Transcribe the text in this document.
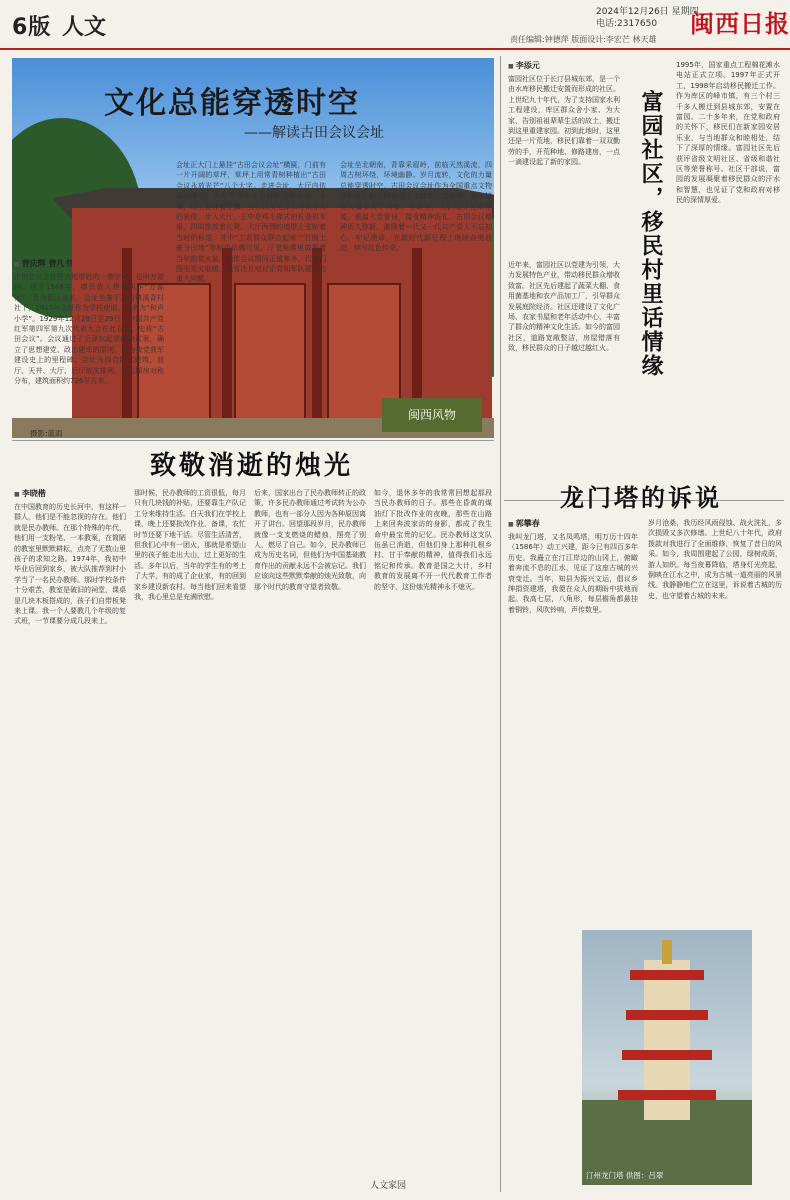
6版 人文
2024年12月26日 星期四
电话:2317650	闽西日报
责任编辑:钟德萍 版面设计:李宏芒 林天雄
文化总能穿透时空
——解读古田会议会址
摄影:蓝雨
闽西风物
■ 曾庆辉 曾凡书
古田会议会址是古地廖姓的一座宗祠，也叫万源祠，建于1848年，廖氏族人建祠叫作“万源祠”，意为源远流长。会址坐落于古田镇溪背村社下，1917年会址作为学校使用，改名为“和声小学”。1929年12月28日至29日，中国共产党红军第四军第九次代表大会在此召开，史称“古田会议”。会议通过了毛泽东起草的决议案，确立了思想建党、政治建军的原则，成为我党我军建设史上的里程碑。会址为四合院式建筑，前厅、天井、大厅、后厅依次排列，左右厢房对称分布，建筑面积约726平方米。
会址正大门上悬挂“古田会议会址”横匾，门前有一片开阔的草坪，草坪上用常青树种植出“古田会议永放光芒”八个大字。走进会址，大厅内依原样陈设，有红军当年开会时使用的木桌、木凳，墙上悬挂着党旗、会标以及毛泽东等领导人的画像。步入大厅，正中是鸡毛掸式的长条形木桌，四周摆放着长凳。大厅两侧的墙壁上张贴着当时的标语，其中“工农群众联合起来”“打倒土豪分田地”等标语依稀可见。厅堂角落里放置着当年的炭火盆，相传会议期间正值寒冬，代表们围坐炭火取暖，通宵达旦地讨论党和军队建设的重大问题。
会址坐北朝南，背靠采眉岭，前临天然溪流，四周古树环绕，环境幽静。岁月流转，文化的力量总能穿透时空，古田会议会址作为全国重点文物保护单位和全国爱国主义教育示范基地，每年接待大量参观学习者。在这里，人们追寻先辈足迹，重温入党誓词，接受精神洗礼。古田会议精神历久弥新，激励着一代又一代共产党人不忘初心、牢记使命，在新时代新征程上继续奋勇前进，续写红色传奇。
致敬消逝的烛光
■ 李晓楷
在中国教育的历史长河中，有这样一群人，他们是不能忽视的存在。他们就是民办教师。在那个特殊的年代，他们用一支粉笔、一本教案，在简陋的教室里默默耕耘，点亮了无数山里孩子的求知之路。1974年，我初中毕业后回到家乡，被大队推荐到村小学当了一名民办教师。那时学校条件十分艰苦，教室是破旧的祠堂，课桌是几块木板搭成的，孩子们自带板凳来上课。我一个人要教几个年级的复式班，一节课要分成几段来上。
那时候，民办教师的工资很低，每月只有几块钱的补贴，还要靠生产队记工分来维持生活。白天我们在学校上课，晚上还要批改作业、备课，农忙时节还要下地干活。尽管生活清苦，但我们心中有一团火，那就是希望山里的孩子能走出大山，过上更好的生活。多年以后，当年的学生有的考上了大学，有的成了企业家，有的回到家乡建设新农村。每当他们回来看望我，我心里总是充满欣慰。
后来，国家出台了民办教师转正的政策，许多民办教师通过考试转为公办教师，也有一部分人因为各种原因离开了讲台。回望那段岁月，民办教师就像一支支燃烧的蜡烛，照亮了别人，燃尽了自己。如今，民办教师已成为历史名词，但他们为中国基础教育作出的贡献永远不会被忘记。我们应该向这些默默奉献的烛光致敬，向那个时代的教育守望者致敬。
如今，退休多年的我常常回想起那段当民办教师的日子。那些在昏黄的煤油灯下批改作业的夜晚，那些在山路上来回奔波家访的身影，都成了我生命中最宝贵的记忆。民办教师这支队伍虽已消逝，但他们身上那种扎根乡村、甘于奉献的精神，值得我们永远铭记和传承。教育是国之大计，乡村教育的发展离不开一代代教育工作者的坚守，这份烛光精神永不熄灭。
■ 李添元
富园社区位于长汀县城东郊，是一个由水库移民搬迁安置而形成的社区。上世纪九十年代，为了支持国家水利工程建设，库区群众舍小家、为大家，告别祖祖辈辈生活的故土，搬迁到这里重建家园。初到此地时，这里还是一片荒地，移民们靠着一双双勤劳的手，开荒种地、修路建房，一点一滴建设起了新的家园。	富园社区，移民村里话情缘
近年来，富园社区以党建为引领，大力发展特色产业，带动移民群众增收致富。社区先后建起了蔬菜大棚、食用菌基地和农产品加工厂，引导群众发展庭院经济。社区还建设了文化广场、农家书屋和老年活动中心，丰富了群众的精神文化生活。如今的富园社区，道路宽敞整洁，房屋错落有致，移民群众的日子越过越红火。
1995年，国家重点工程棉花滩水电站正式立项。1997年正式开工，1998年启动移民搬迁工作。作为库区的峰市镇，有三个村三千多人搬迁到县城东郊，安置在富园。二十多年来，在党和政府的关怀下，移民们在新家园安居乐业，与当地群众和睦相处，结下了深厚的情缘。富园社区先后获评省级文明社区、省级和谐社区等荣誉称号。社区干部说，富园的发展凝聚着移民群众的汗水和智慧，也见证了党和政府对移民的深情厚爱。
龙门塔的诉说
■ 郭攀春
我叫龙门塔，又名凤鸣塔，明万历十四年（1586年）动工兴建，距今已有四百多年历史。我矗立在汀江岸边的山冈上，俯瞰着奔流不息的江水，见证了这座古城的兴衰变迁。当年，知县为振兴文运，倡议乡绅捐资建塔，我便在众人的期盼中拔地而起。我高七层，八角形，每层檐角都悬挂着铜铃，风吹铃响，声传数里。
岁月沧桑，我历经风雨侵蚀、战火洗礼，多次损毁又多次修缮。上世纪八十年代，政府拨款对我进行了全面维修，恢复了昔日的风采。如今，我周围建起了公园，绿树成荫，游人如织。每当夜幕降临，塔身灯光亮起，倒映在江水之中，成为古城一道亮丽的风景线。我静静地伫立在这里，诉说着古城的历史，也守望着古城的未来。
汀州龙门塔 供图：吕翠
人文家园
